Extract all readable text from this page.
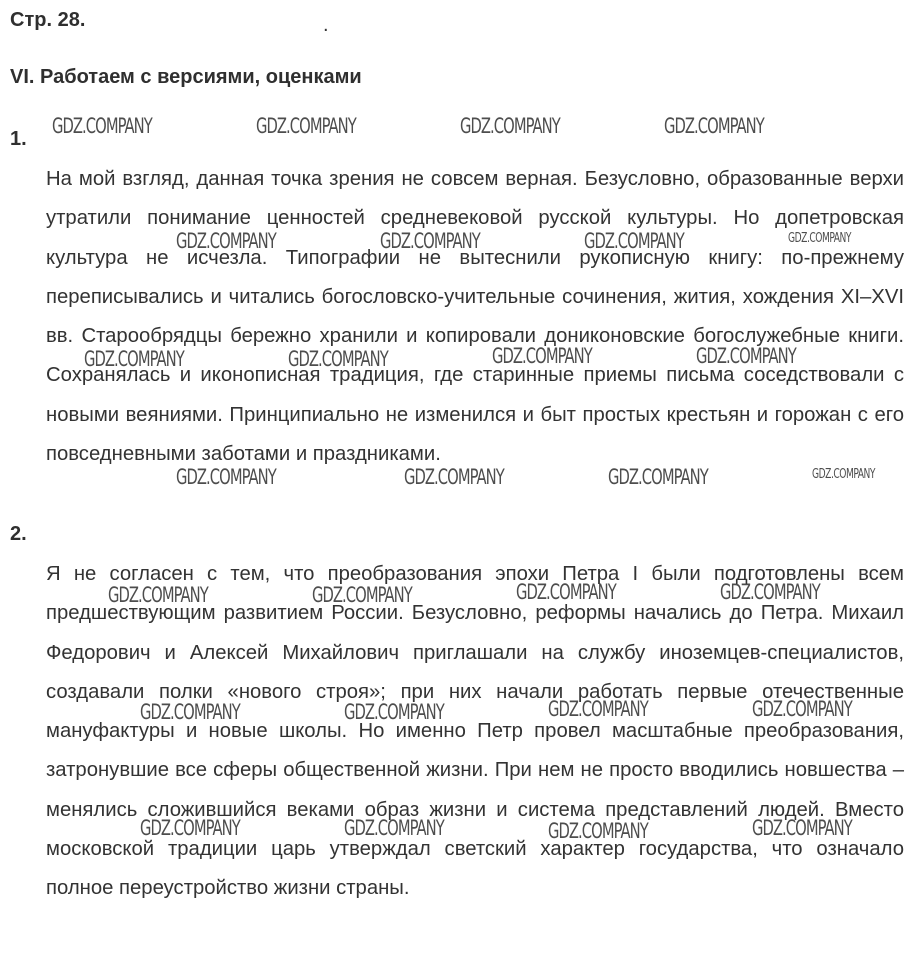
Стр. 28.	.
VI. Работаем с версиями, оценками
1.

На мой взгляд, данная точка зрения не совсем верная. Безусловно, образованные верхи утратили понимание ценностей средневековой русской культуры. Но допетровская культура не исчезла. Типографии не вытеснили рукописную книгу: по-прежнему переписывались и читались богословско-учительные сочинения, жития, хождения XI–XVI вв. Старообрядцы бережно хранили и копировали дониконовские богослужебные книги. Сохранялась и иконописная традиция, где старинные приемы письма соседствовали с новыми веяниями. Принципиально не изменился и быт простых крестьян и горожан с его повседневными заботами и праздниками.

2.

Я не согласен с тем, что преобразования эпохи Петра I были подготовлены всем предшествующим развитием России. Безусловно, реформы начались до Петра. Михаил Федорович и Алексей Михайлович приглашали на службу иноземцев-специалистов, создавали полки «нового строя»; при них начали работать первые отечественные мануфактуры и новые школы. Но именно Петр провел масштабные преобразования, затронувшие все сферы общественной жизни. При нем не просто вводились новшества – менялись сложившийся веками образ жизни и система представлений людей. Вместо московской традиции царь утверждал светский характер государства, что означало полное переустройство жизни страны.

GDZ.COMPANY	GDZ.COMPANY	GDZ.COMPANY	GDZ.COMPANY
GDZ.COMPANY	GDZ.COMPANY	GDZ.COMPANY	GDZ.COMPANY
GDZ.COMPANY	GDZ.COMPANY	GDZ.COMPANY	GDZ.COMPANY
GDZ.COMPANY	GDZ.COMPANY	GDZ.COMPANY	GDZ.COMPANY
GDZ.COMPANY	GDZ.COMPANY	GDZ.COMPANY	GDZ.COMPANY
GDZ.COMPANY	GDZ.COMPANY	GDZ.COMPANY	GDZ.COMPANY
GDZ.COMPANY	GDZ.COMPANY	GDZ.COMPANY	GDZ.COMPANY
